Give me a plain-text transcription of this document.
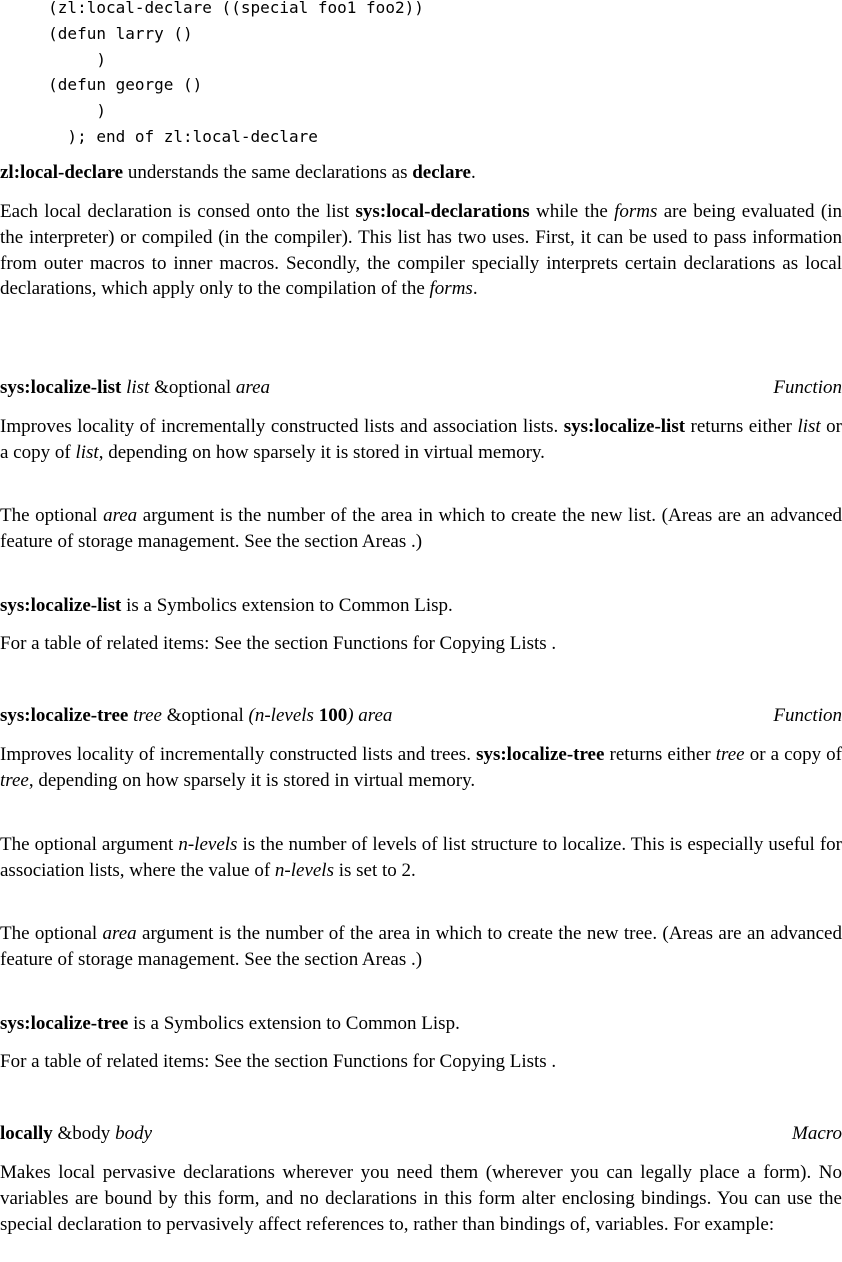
(zl:local-declare ((special foo1 foo2))
(defun larry ()
)
(defun george ()
)
); end of zl:local-declare
zl:local-declare understands the same declarations as declare.
Each local declaration is consed onto the list sys:local-declarations while the forms are being evaluated (in the interpreter) or compiled (in the compiler). This list has two uses. First, it can be used to pass information from outer macros to inner macros. Secondly, the compiler specially interprets certain declarations as local declarations, which apply only to the compilation of the forms.
sys:localize-list list &optional area	Function
Improves locality of incrementally constructed lists and association lists. sys:localize-list returns either list or a copy of list, depending on how sparsely it is stored in virtual memory.
The optional area argument is the number of the area in which to create the new list. (Areas are an advanced feature of storage management. See the section Areas .)
sys:localize-list is a Symbolics extension to Common Lisp.
For a table of related items: See the section Functions for Copying Lists .
sys:localize-tree tree &optional (n-levels 100) area	Function
Improves locality of incrementally constructed lists and trees. sys:localize-tree returns either tree or a copy of tree, depending on how sparsely it is stored in virtual memory.
The optional argument n-levels is the number of levels of list structure to localize. This is especially useful for association lists, where the value of n-levels is set to 2.
The optional area argument is the number of the area in which to create the new tree. (Areas are an advanced feature of storage management. See the section Areas .)
sys:localize-tree is a Symbolics extension to Common Lisp.
For a table of related items: See the section Functions for Copying Lists .
locally &body body	Macro
Makes local pervasive declarations wherever you need them (wherever you can legally place a form). No variables are bound by this form, and no declarations in this form alter enclosing bindings. You can use the special declaration to pervasively affect references to, rather than bindings of, variables. For example:
